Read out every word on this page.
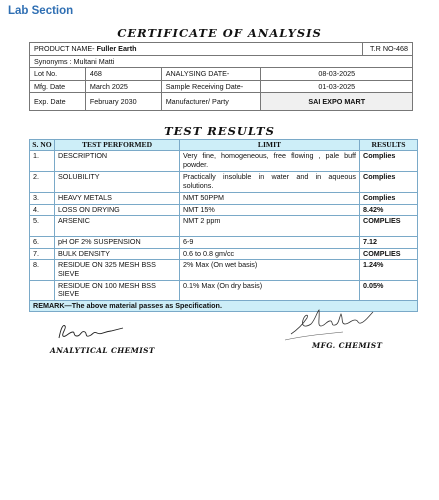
Lab Section
CERTIFICATE OF ANALYSIS
PRODUCT NAME- Fuller Earth				T.R NO-468
Synonyms : Multani Matti				
Lot No.	468	ANALYSING DATE-	08-03-2025	
Mfg. Date	March 2025	Sample Receiving Date-	01-03-2025	
Exp. Date	February 2030	Manufacturer/ Party	SAI EXPO MART	
TEST RESULTS
S. NO	TEST PERFORMED	LIMIT	RESULTS
1.	DESCRIPTION	Very fine, homogeneous, free flowing , pale buff powder.	Complies
2.	SOLUBILITY	Practically insoluble in water and in aqueous solutions.	Complies
3.	HEAVY METALS	NMT 50PPM	Complies
4.	LOSS ON DRYING	NMT 15%	8.42%
5.	ARSENIC	NMT 2 ppm	COMPLIES
6.	pH OF 2% SUSPENSION	6-9	7.12
7.	BULK DENSITY	0.6 to 0.8 gm/cc	COMPLIES
8.	RESIDUE ON 325 MESH BSS SIEVE	2% Max (On wet basis)	1.24%
	RESIDUE ON 100 MESH BSS SIEVE	0.1% Max (On dry basis)	0.05%
REMARK—The above material passes as Specification.			
ANALYTICAL CHEMIST
MFG. CHEMIST
